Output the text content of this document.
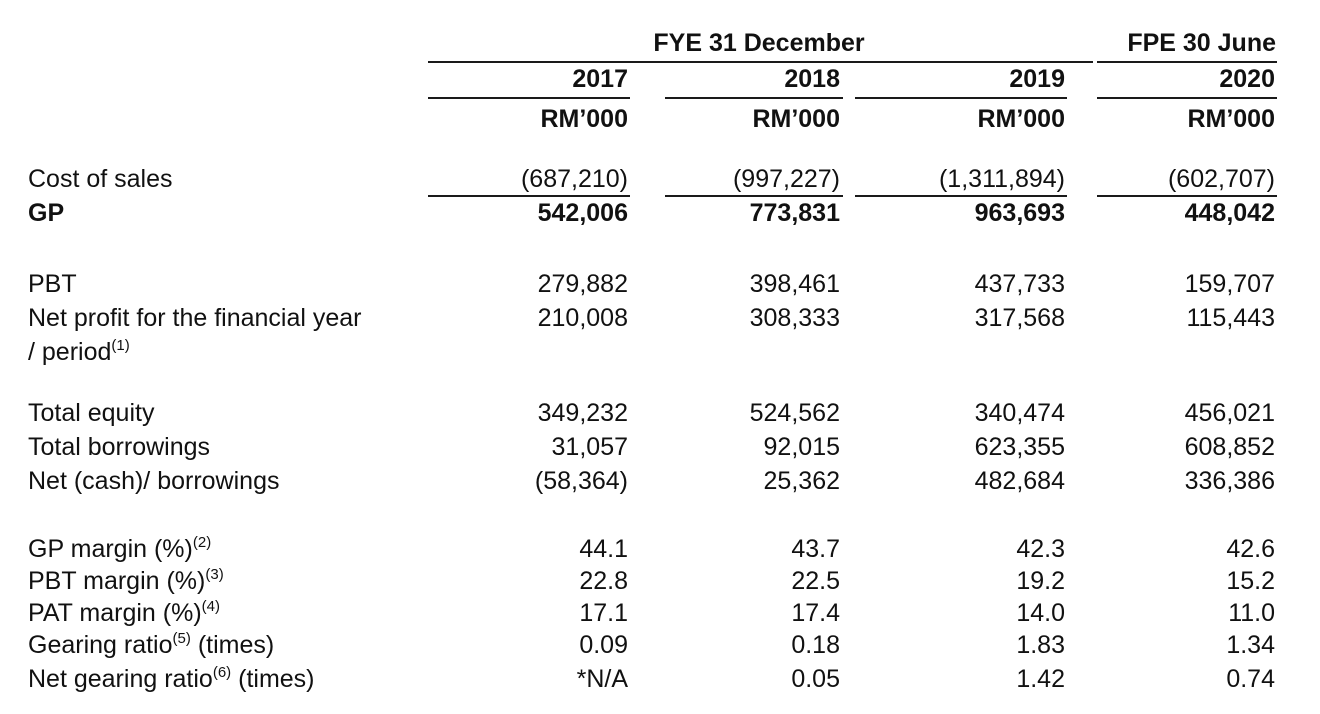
FYE 31 December	FPE 30 June
2017	2018	2019	2020
RM’000	RM’000	RM’000	RM’000
Cost of sales	(687,210)	(997,227)	(1,311,894)	(602,707)
GP	542,006	773,831	963,693	448,042
PBT	279,882	398,461	437,733	159,707
Net profit for the financial year	210,008	308,333	317,568	115,443
/ period$^{(1)}$
Total equity	349,232	524,562	340,474	456,021
Total borrowings	31,057	92,015	623,355	608,852
Net (cash)/ borrowings	(58,364)	25,362	482,684	336,386
GP margin (%)$^{(2)}$	44.1	43.7	42.3	42.6
PBT margin (%)$^{(3)}$	22.8	22.5	19.2	15.2
PAT margin (%)$^{(4)}$	17.1	17.4	14.0	11.0
Gearing ratio$^{(5)}$ (times)	0.09	0.18	1.83	1.34
Net gearing ratio$^{(6)}$ (times)	*N/A	0.05	1.42	0.74
